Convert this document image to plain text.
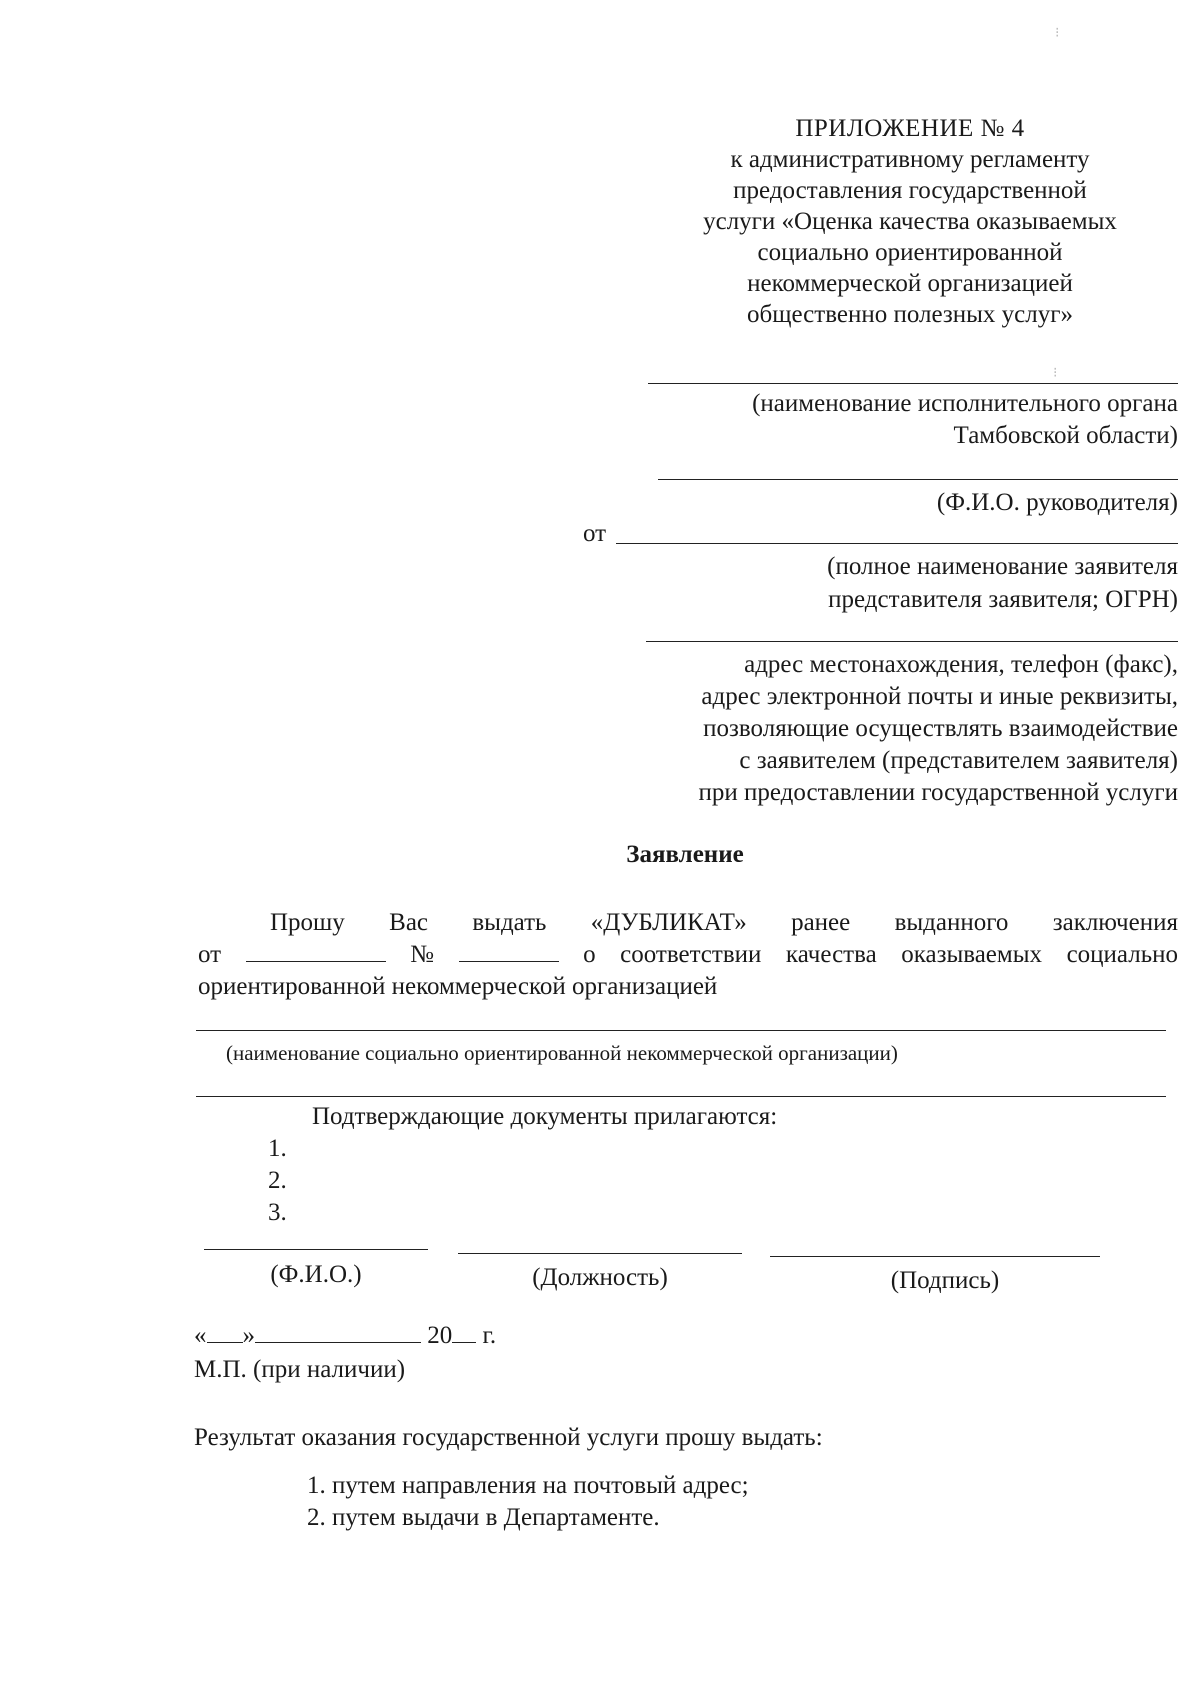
⁝
⁝
ПРИЛОЖЕНИЕ № 4
к административному регламенту
предоставления государственной
услуги «Оценка качества оказываемых
социально ориентированной
некоммерческой организацией
общественно полезных услуг»
(наименование исполнительного органа
Тамбовской области)
(Ф.И.О. руководителя)
от
(полное наименование заявителя
представителя заявителя; ОГРН)
адрес местонахождения, телефон (факс),
адрес электронной почты и иные реквизиты,
позволяющие осуществлять взаимодействие
с заявителем (представителем заявителя)
при предоставлении государственной услуги
Заявление
Прошу Вас выдать «ДУБЛИКАТ» ранее выданного заключения
от	№	о соответствии качества оказываемых социально
ориентированной некоммерческой организацией
(наименование социально ориентированной некоммерческой организации)
Подтверждающие документы прилагаются:
1.
2.
3.
(Ф.И.О.)	(Должность)	(Подпись)
« »	20 г.
М.П. (при наличии)
Результат оказания государственной услуги прошу выдать:
1. путем направления на почтовый адрес;
2. путем выдачи в Департаменте.
